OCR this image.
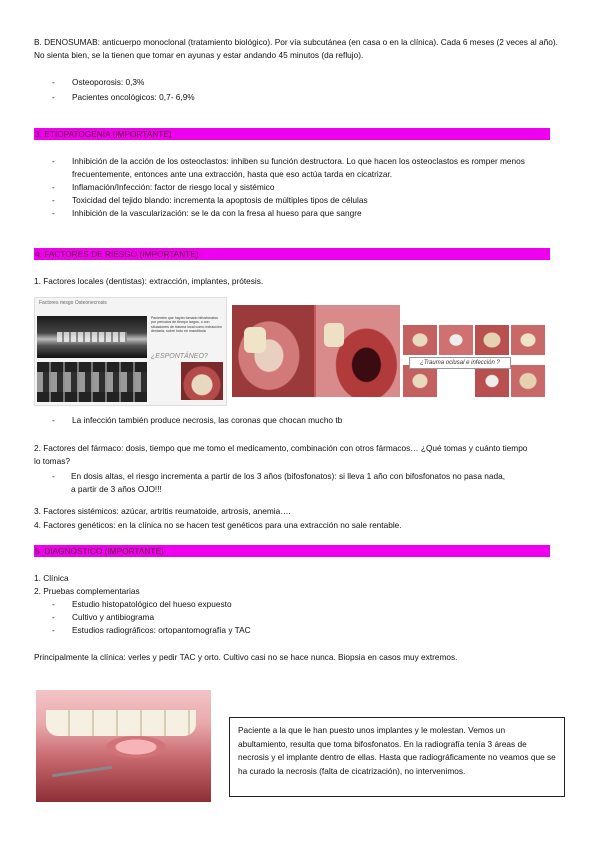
B. DENOSUMAB: anticuerpo monoclonal (tratamiento biológico). Por vía subcutánea (en casa o en la clínica). Cada 6 meses (2 veces al año). No sienta bien, se la tienen que tomar en ayunas y estar andando 45 minutos (da reflujo).
- Osteoporosis: 0,3%
- Pacientes oncológicos: 0,7- 6,9%
3. ETIOPATOGENIA (IMPORTANTE)
- Inhibición de la acción de los osteoclastos: inhiben su función destructora. Lo que hacen los osteoclastos es romper menos frecuentemente, entonces ante una extracción, hasta que eso actúa tarda en cicatrizar.
- Inflamación/Infección: factor de riesgo local y sistémico
- Toxicidad del tejido blando: incrementa la apoptosis de múltiples tipos de células
- Inhibición de la vascularización: se le da con la fresa al hueso para que sangre
4. FACTORES DE RIESGO (IMPORTANTE)
1. Factores locales (dentistas): extracción, implantes, prótesis.
Factores riesgo Osteonecrosis
Pacientes que hayan tomado bifosfonatos por períodos de tiempo largos, o con situaciones de trauma local como extracción dentaria, sobre todo en mandíbula
¿ESPONTÁNEO?
¿Trauma oclusal e infección ?
- La infección también produce necrosis, las coronas que chocan mucho tb
2. Factores del fármaco: dosis, tiempo que me tomo el medicamento, combinación con otros fármacos… ¿Qué tomas y cuánto tiempo lo tomas?
- En dosis altas, el riesgo incrementa a partir de los 3 años (bifosfonatos): si lleva 1 año con bifosfonatos no pasa nada,
a partir de 3 años OJO!!!
3. Factores sistémicos: azúcar, artritis reumatoide, artrosis, anemia….
4. Factores genéticos: en la clínica no se hacen test genéticos para una extracción no sale rentable.
5. DIAGNÓSTICO (IMPORTANTE)
1. Clínica
2. Pruebas complementarias
- Estudio histopatológico del hueso expuesto
- Cultivo y antibiograma
- Estudios radiográficos: ortopantomografía y TAC
Principalmente la clínica: verles y pedir TAC y orto. Cultivo casi no se hace nunca. Biopsia en casos muy extremos.
Paciente a la que le han puesto unos implantes y le molestan. Vemos un abultamiento, resulta que toma bifosfonatos. En la radiografía tenía 3 áreas de necrosis y el implante dentro de ellas. Hasta que radiográficamente no veamos que se ha curado la necrosis (falta de cicatrización), no intervenimos.
